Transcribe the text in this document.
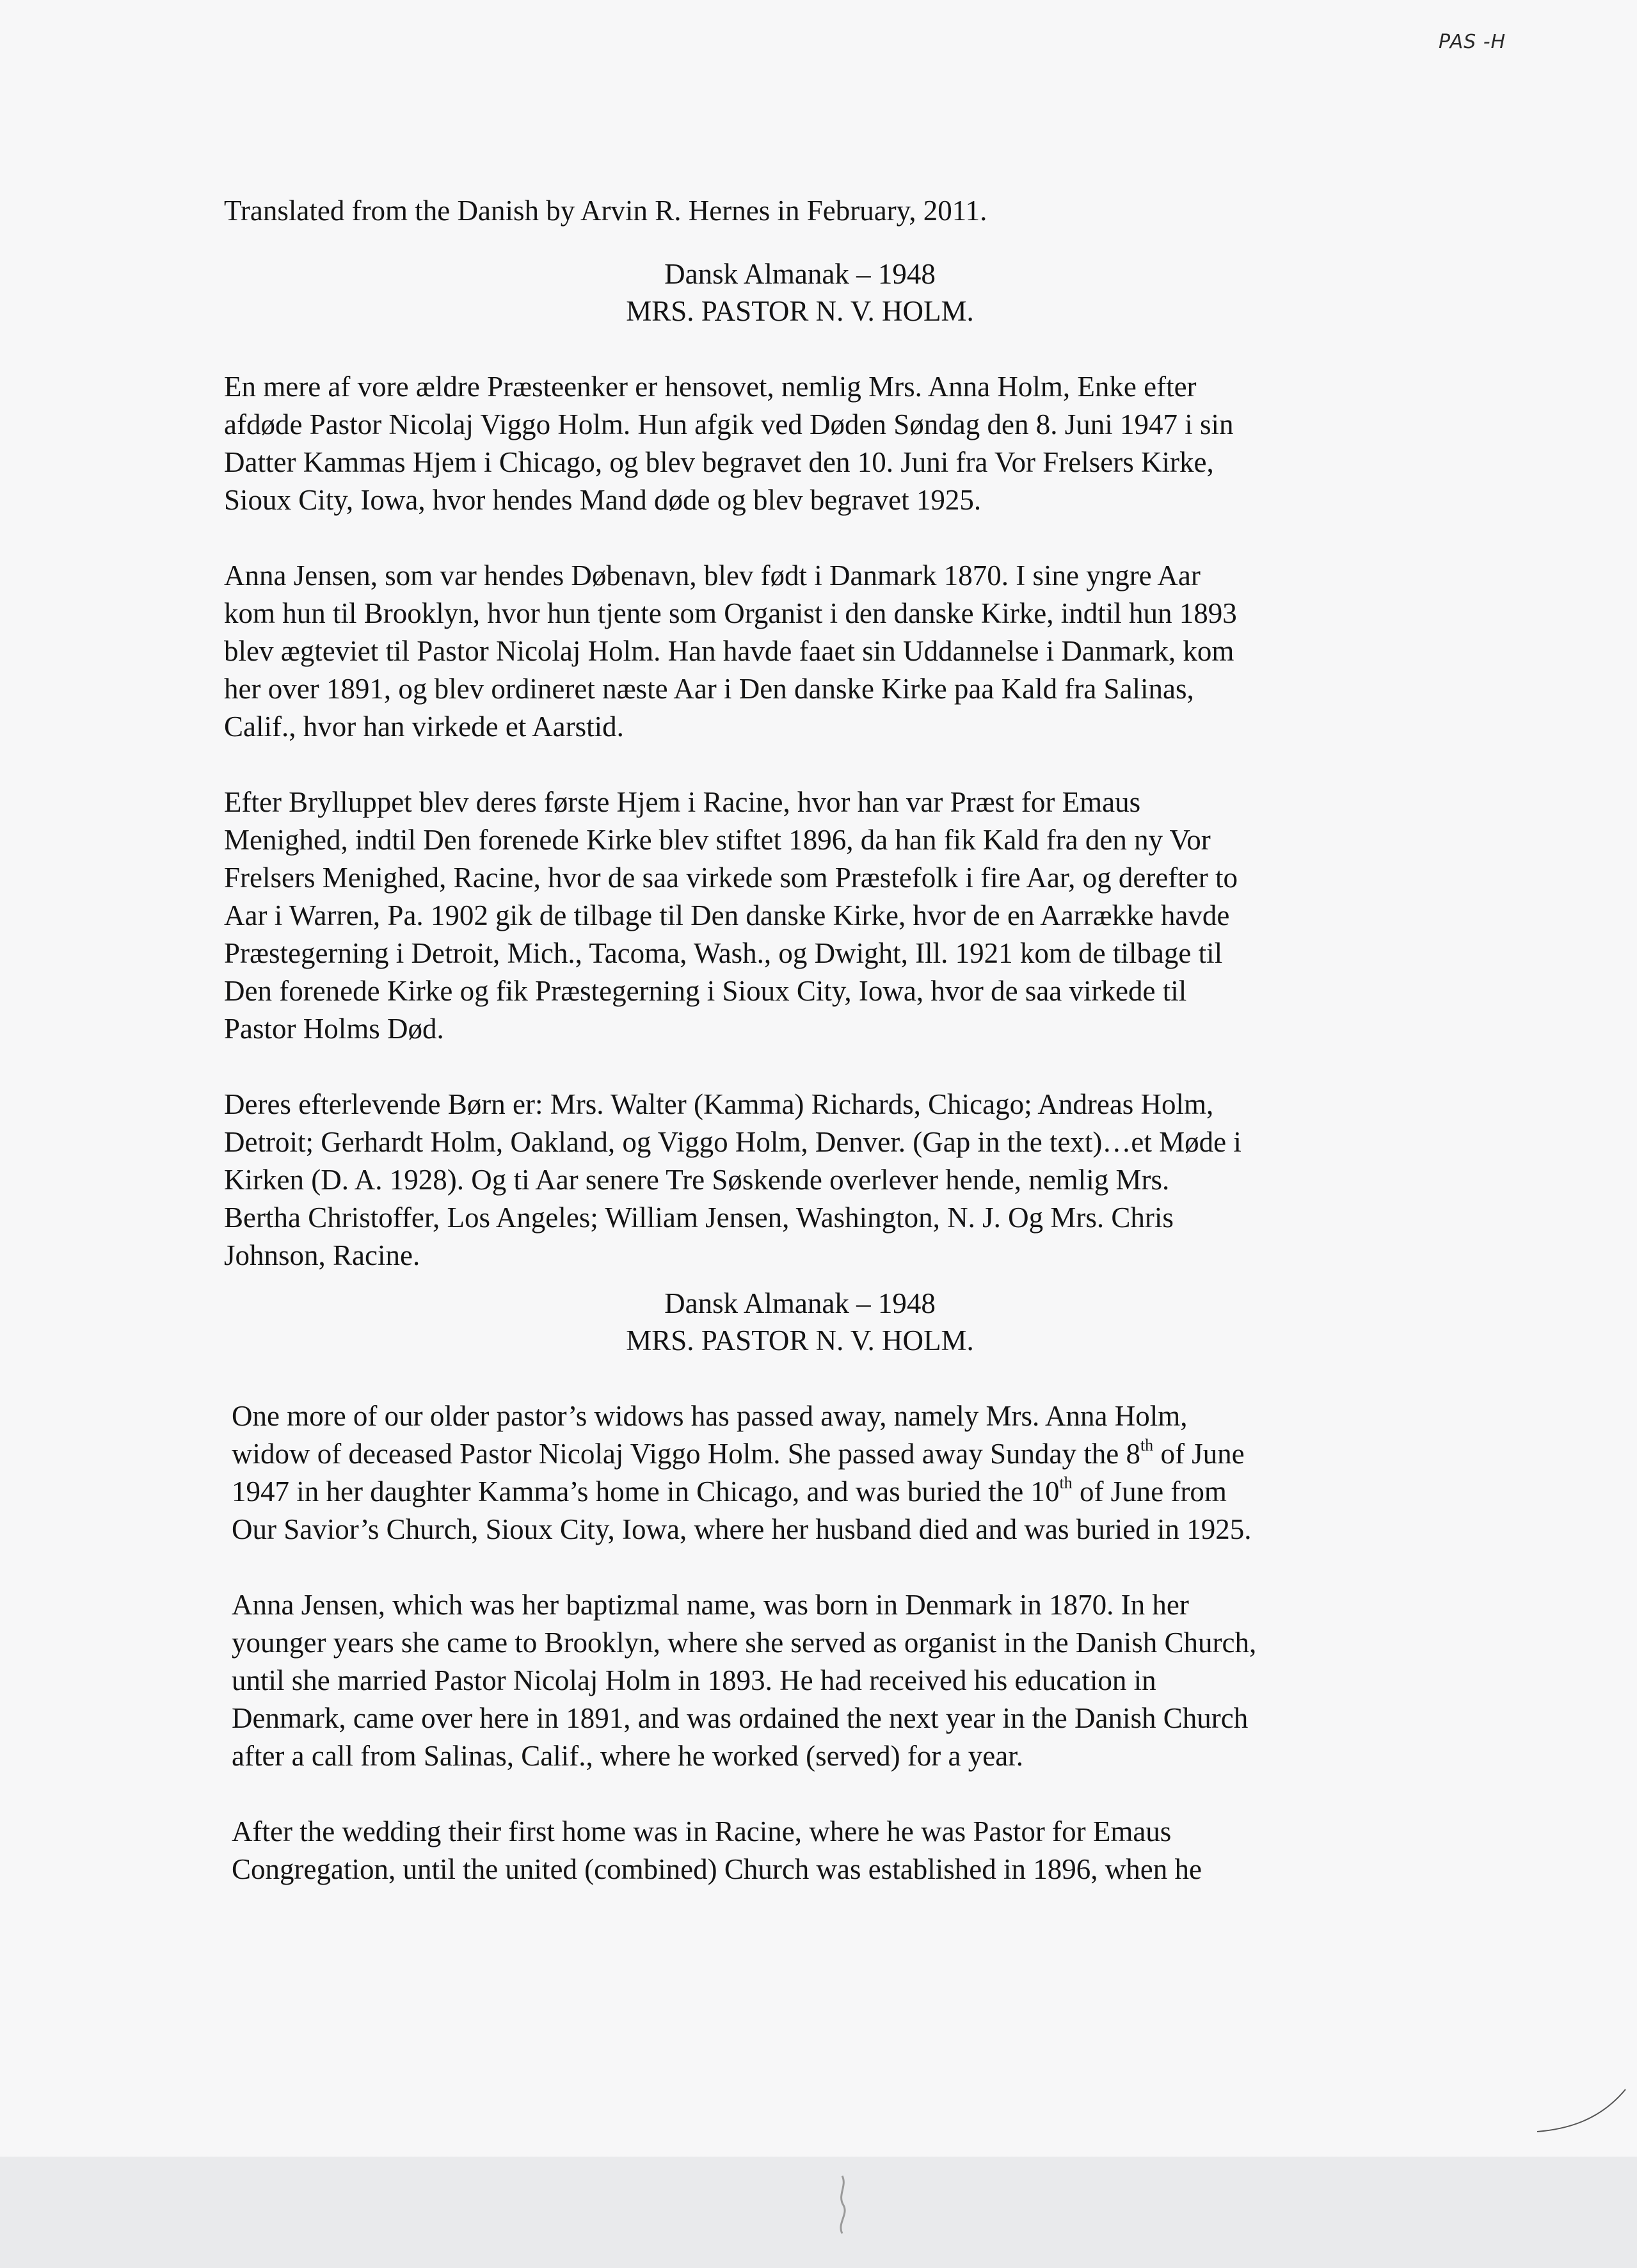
PAS -H
Translated from the Danish by Arvin R. Hernes in February, 2011.
Dansk Almanak – 1948
MRS. PASTOR N. V. HOLM.
En mere af vore ældre Præsteenker er hensovet, nemlig Mrs. Anna Holm, Enke efter
afdøde Pastor Nicolaj Viggo Holm. Hun afgik ved Døden Søndag den 8. Juni 1947 i sin
Datter Kammas Hjem i Chicago, og blev begravet den 10. Juni fra Vor Frelsers Kirke,
Sioux City, Iowa, hvor hendes Mand døde og blev begravet 1925.
Anna Jensen, som var hendes Døbenavn, blev født i Danmark 1870. I sine yngre Aar
kom hun til Brooklyn, hvor hun tjente som Organist i den danske Kirke, indtil hun 1893
blev ægteviet til Pastor Nicolaj Holm. Han havde faaet sin Uddannelse i Danmark, kom
her over 1891, og blev ordineret næste Aar i Den danske Kirke paa Kald fra Salinas,
Calif., hvor han virkede et Aarstid.
Efter Brylluppet blev deres første Hjem i Racine, hvor han var Præst for Emaus
Menighed, indtil Den forenede Kirke blev stiftet 1896, da han fik Kald fra den ny Vor
Frelsers Menighed, Racine, hvor de saa virkede som Præstefolk i fire Aar, og derefter to
Aar i Warren, Pa. 1902 gik de tilbage til Den danske Kirke, hvor de en Aarrække havde
Præstegerning i Detroit, Mich., Tacoma, Wash., og Dwight, Ill. 1921 kom de tilbage til
Den forenede Kirke og fik Præstegerning i Sioux City, Iowa, hvor de saa virkede til
Pastor Holms Død.
Deres efterlevende Børn er: Mrs. Walter (Kamma) Richards, Chicago; Andreas Holm,
Detroit; Gerhardt Holm, Oakland, og Viggo Holm, Denver. (Gap in the text)…et Møde i
Kirken (D. A. 1928). Og ti Aar senere Tre Søskende overlever hende, nemlig Mrs.
Bertha Christoffer, Los Angeles; William Jensen, Washington, N. J. Og Mrs. Chris
Johnson, Racine.
Dansk Almanak – 1948
MRS. PASTOR N. V. HOLM.
One more of our older pastor’s widows has passed away, namely Mrs. Anna Holm,
widow of deceased Pastor Nicolaj Viggo Holm. She passed away Sunday the 8th of June
1947 in her daughter Kamma’s home in Chicago, and was buried the 10th of June from
Our Savior’s Church, Sioux City, Iowa, where her husband died and was buried in 1925.
Anna Jensen, which was her baptizmal name, was born in Denmark in 1870. In her
younger years she came to Brooklyn, where she served as organist in the Danish Church,
until she married Pastor Nicolaj Holm in 1893. He had received his education in
Denmark, came over here in 1891, and was ordained the next year in the Danish Church
after a call from Salinas, Calif., where he worked (served) for a year.
After the wedding their first home was in Racine, where he was Pastor for Emaus
Congregation, until the united (combined) Church was established in 1896, when he
